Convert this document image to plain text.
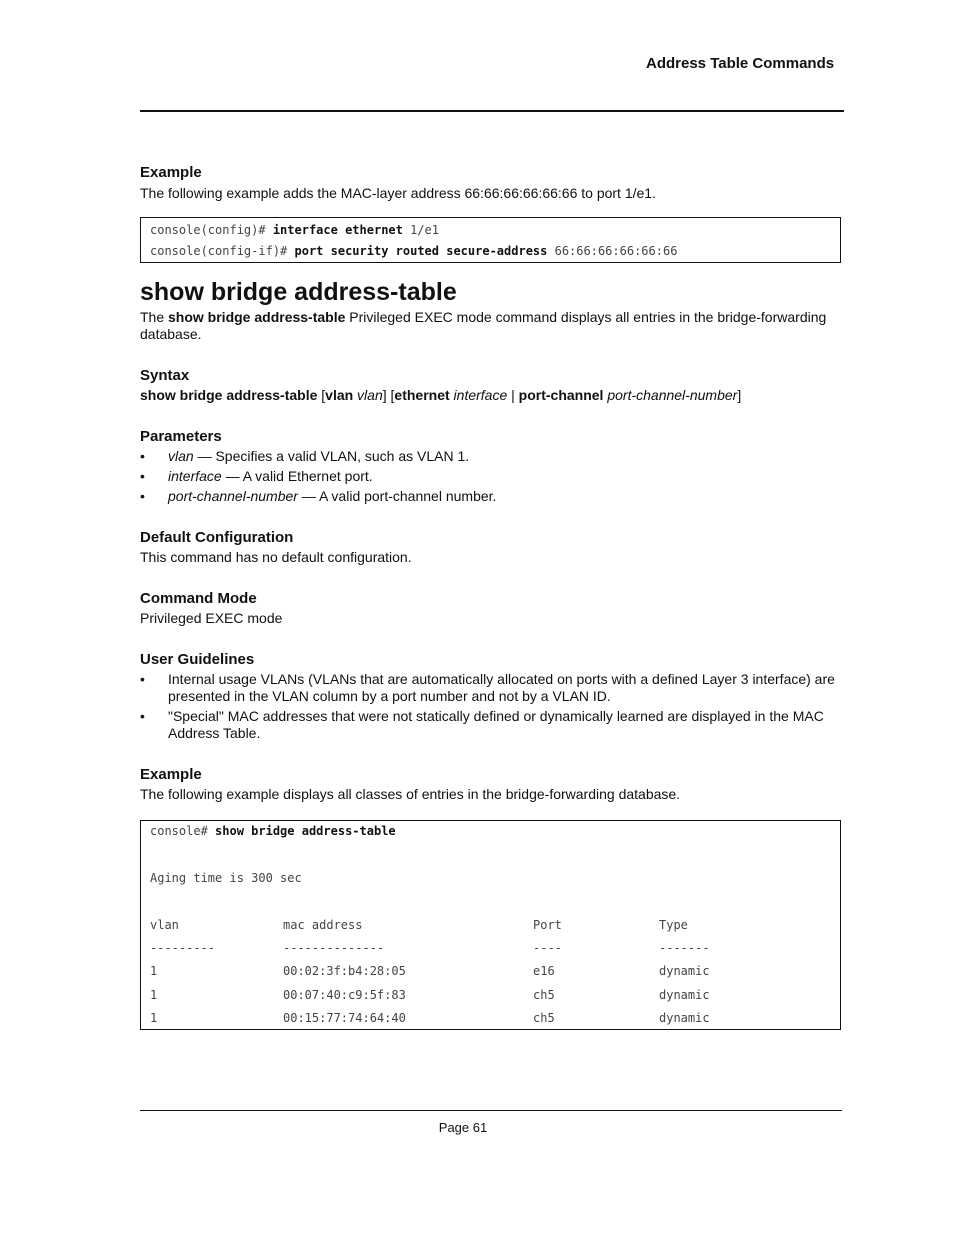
Address Table Commands
Example

The following example adds the MAC-layer address 66:66:66:66:66:66 to port 1/e1.

console(config)# interface ethernet 1/e1
console(config-if)# port security routed secure-address 66:66:66:66:66:66
show bridge address-table

The show bridge address-table Privileged EXEC mode command displays all entries in the bridge-forwarding database.

Syntax

show bridge address-table [vlan vlan] [ethernet interface | port-channel port-channel-number]

Parameters
• vlan — Specifies a valid VLAN, such as VLAN 1.
• interface — A valid Ethernet port.
• port-channel-number — A valid port-channel number.
Default Configuration

This command has no default configuration.

Command Mode

Privileged EXEC mode

User Guidelines
• Internal usage VLANs (VLANs that are automatically allocated on ports with a defined Layer 3 interface) are presented in the VLAN column by a port number and not by a VLAN ID.
• "Special" MAC addresses that were not statically defined or dynamically learned are displayed in the MAC Address Table.
Example

The following example displays all classes of entries in the bridge-forwarding database.

console# show bridge address-table
Aging time is 300 sec
vlan	mac address	Port	Type
---------	--------------	----	-------
1	00:02:3f:b4:28:05	e16	dynamic
1	00:07:40:c9:5f:83	ch5	dynamic
1	00:15:77:74:64:40	ch5	dynamic
Page 61
